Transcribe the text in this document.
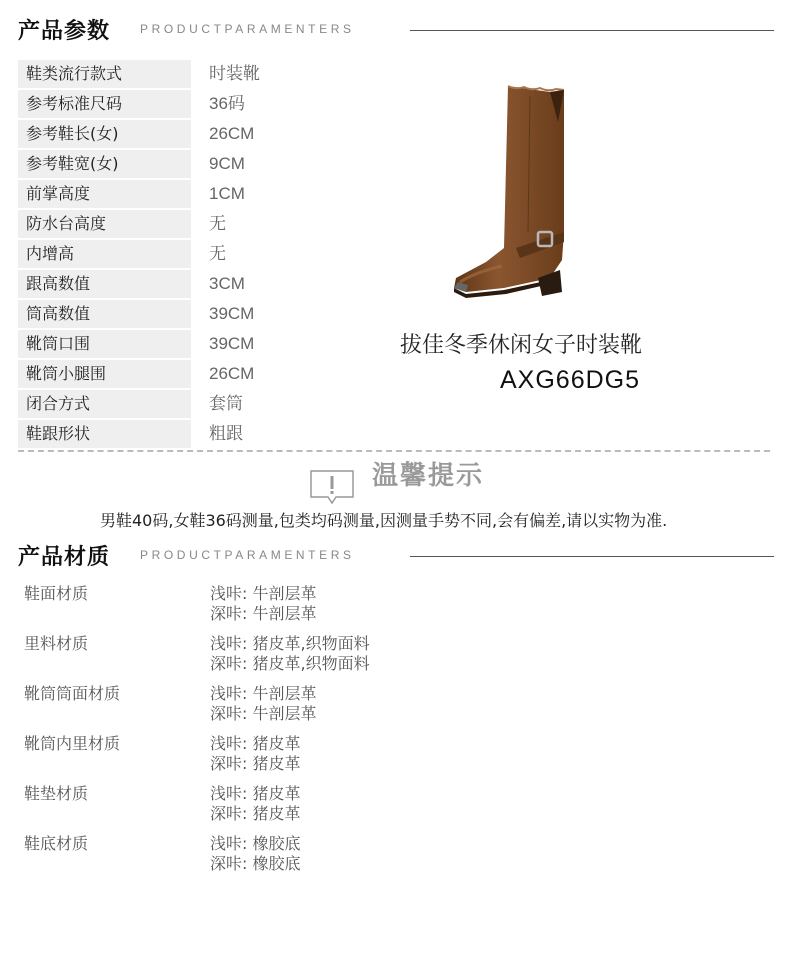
产品参数 PRODUCTPARAMENTERS
鞋类流行款式	时装靴
参考标准尺码	36码
参考鞋长(女)	26CM
参考鞋宽(女)	9CM
前掌高度	1CM
防水台高度	无
内增高	无
跟高数值	3CM
筒高数值	39CM
靴筒口围	39CM
靴筒小腿围	26CM
闭合方式	套筒
鞋跟形状	粗跟
拔佳冬季休闲女子时装靴
AXG66DG5
温馨提示
男鞋40码,女鞋36码测量,包类均码测量,因测量手势不同,会有偏差,请以实物为准.
产品材质 PRODUCTPARAMENTERS
鞋面材质	浅咔: 牛剖层革
深咔: 牛剖层革
里料材质	浅咔: 猪皮革,织物面料
深咔: 猪皮革,织物面料
靴筒筒面材质	浅咔: 牛剖层革
深咔: 牛剖层革
靴筒内里材质	浅咔: 猪皮革
深咔: 猪皮革
鞋垫材质	浅咔: 猪皮革
深咔: 猪皮革
鞋底材质	浅咔: 橡胶底
深咔: 橡胶底
